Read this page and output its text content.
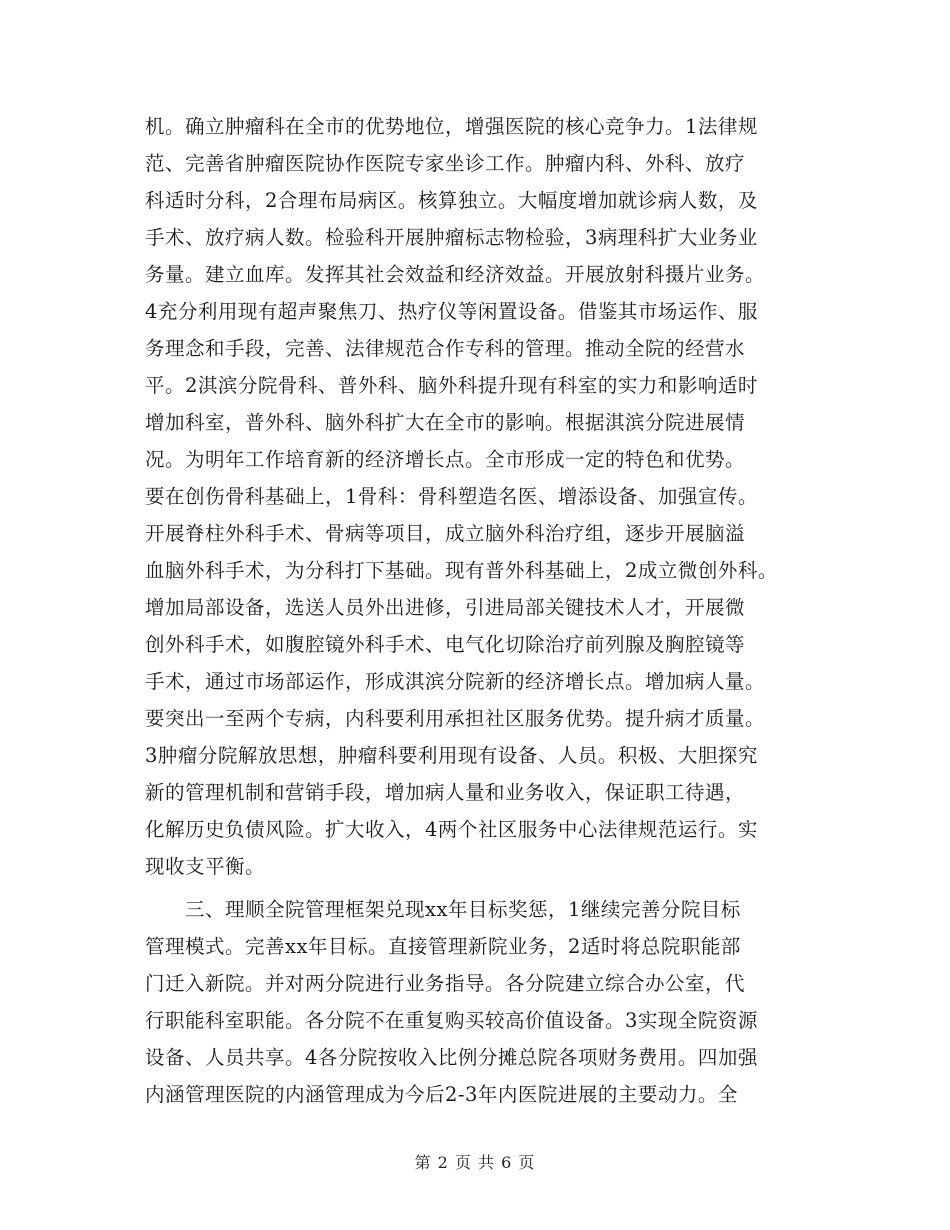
机。确立肿瘤科在全市的优势地位，增强医院的核心竞争力。1法律规
范、完善省肿瘤医院协作医院专家坐诊工作。肿瘤内科、外科、放疗
科适时分科，2合理布局病区。核算独立。大幅度增加就诊病人数，及
手术、放疗病人数。检验科开展肿瘤标志物检验，3病理科扩大业务业
务量。建立血库。发挥其社会效益和经济效益。开展放射科摄片业务。
4充分利用现有超声聚焦刀、热疗仪等闲置设备。借鉴其市场运作、服
务理念和手段，完善、法律规范合作专科的管理。推动全院的经营水
平。2淇滨分院骨科、普外科、脑外科提升现有科室的实力和影响适时
增加科室，普外科、脑外科扩大在全市的影响。根据淇滨分院进展情
况。为明年工作培育新的经济增长点。全市形成一定的特色和优势。
要在创伤骨科基础上，1骨科：骨科塑造名医、增添设备、加强宣传。
开展脊柱外科手术、骨病等项目，成立脑外科治疗组，逐步开展脑溢
血脑外科手术，为分科打下基础。现有普外科基础上，2成立微创外科。
增加局部设备，选送人员外出进修，引进局部关键技术人才，开展微
创外科手术，如腹腔镜外科手术、电气化切除治疗前列腺及胸腔镜等
手术，通过市场部运作，形成淇滨分院新的经济增长点。增加病人量。
要突出一至两个专病，内科要利用承担社区服务优势。提升病才质量。
3肿瘤分院解放思想，肿瘤科要利用现有设备、人员。积极、大胆探究
新的管理机制和营销手段，增加病人量和业务收入，保证职工待遇，
化解历史负债风险。扩大收入，4两个社区服务中心法律规范运行。实
现收支平衡。
三、理顺全院管理框架兑现xx年目标奖惩，1继续完善分院目标
管理模式。完善xx年目标。直接管理新院业务，2适时将总院职能部
门迁入新院。并对两分院进行业务指导。各分院建立综合办公室，代
行职能科室职能。各分院不在重复购买较高价值设备。3实现全院资源
设备、人员共享。4各分院按收入比例分摊总院各项财务费用。四加强
内涵管理医院的内涵管理成为今后2-3年内医院进展的主要动力。全
第 2 页 共 6 页
